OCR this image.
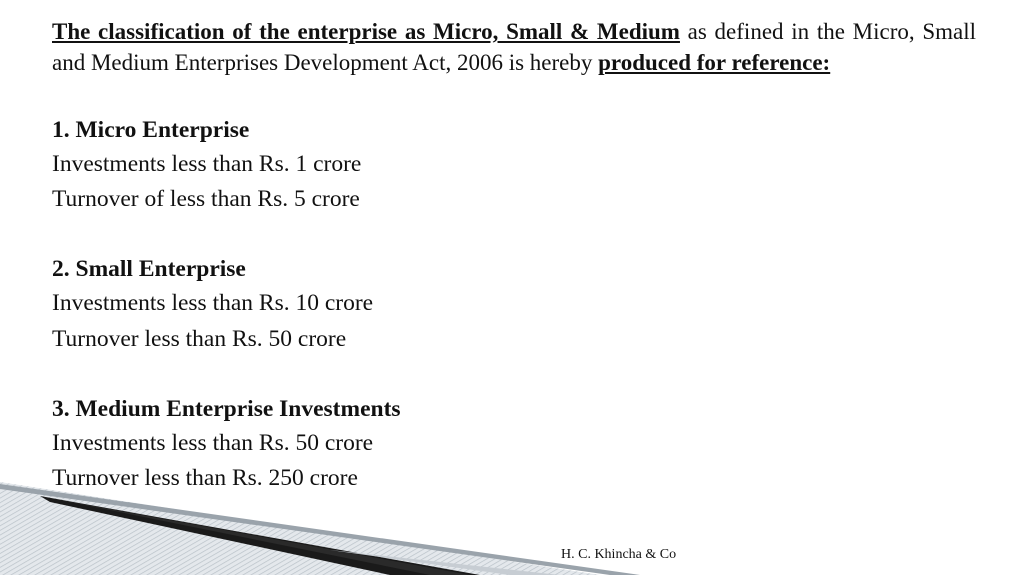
The classification of the enterprise as Micro, Small & Medium as defined in the Micro, Small and Medium Enterprises Development Act, 2006 is hereby produced for reference:

1. Micro Enterprise
Investments less than Rs. 1 crore
Turnover of less than Rs. 5 crore
2. Small Enterprise
Investments less than Rs. 10 crore
Turnover less than Rs. 50 crore
3. Medium Enterprise Investments
Investments less than Rs. 50 crore
Turnover less than Rs. 250 crore
H. C. Khincha & Co
